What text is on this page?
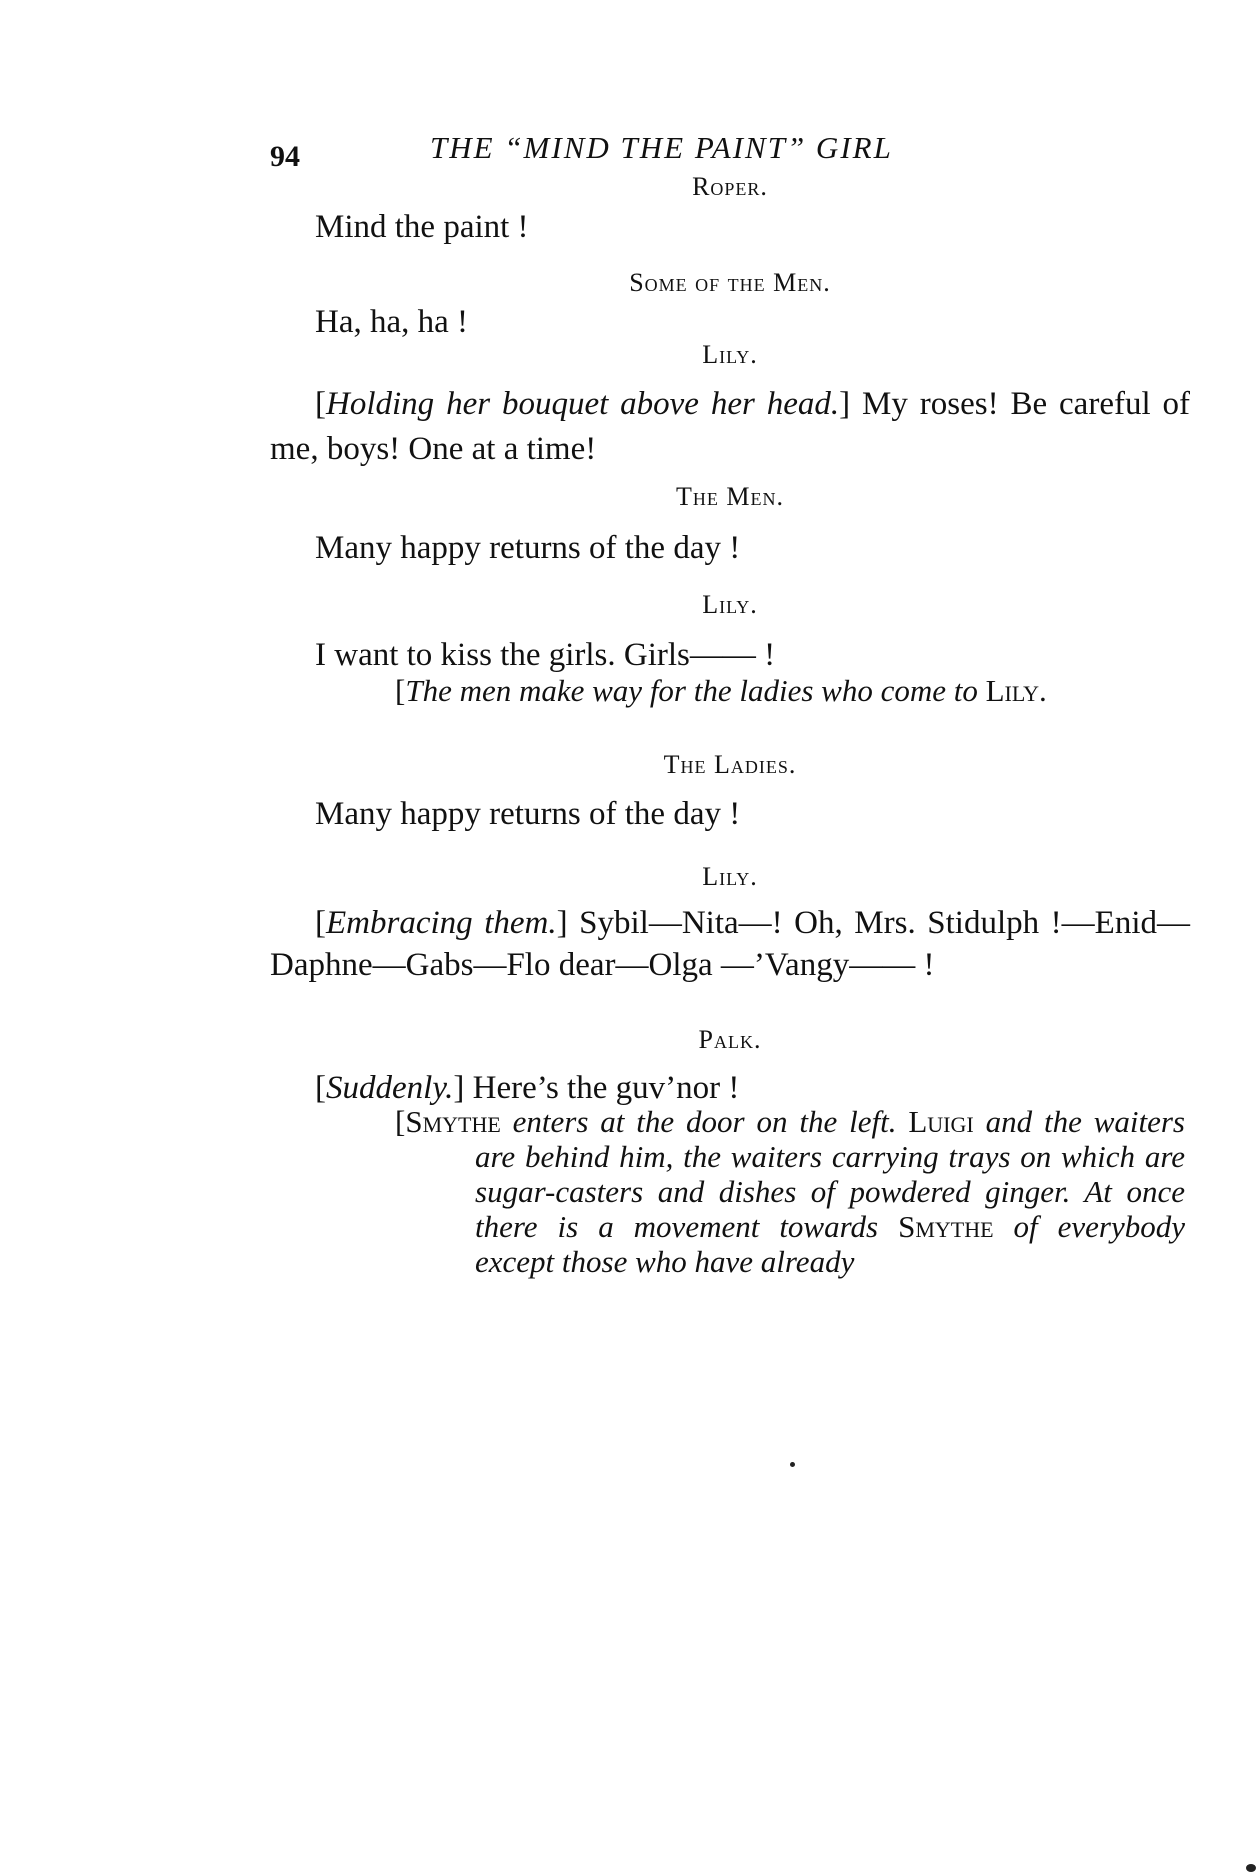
94	THE “MIND THE PAINT” GIRL
Roper.
Mind the paint !
Some of the Men.
Ha, ha, ha !
Lily.
[Holding her bouquet above her head.] My roses! Be careful of me, boys! One at a time!
The Men.
Many happy returns of the day !
Lily.
I want to kiss the girls. Girls—— !
[The men make way for the ladies who come to Lily.
The Ladies.
Many happy returns of the day !
Lily.
[Embracing them.] Sybil—Nita—! Oh, Mrs. Stidulph !—Enid—Daphne—Gabs—Flo dear—Olga —’Vangy—— !
Palk.
[Suddenly.] Here’s the guv’nor !
[Smythe enters at the door on the left. Luigi and the waiters are behind him, the waiters carrying trays on which are sugar-casters and dishes of powdered ginger. At once there is a movement towards Smythe of everybody except those who have already
